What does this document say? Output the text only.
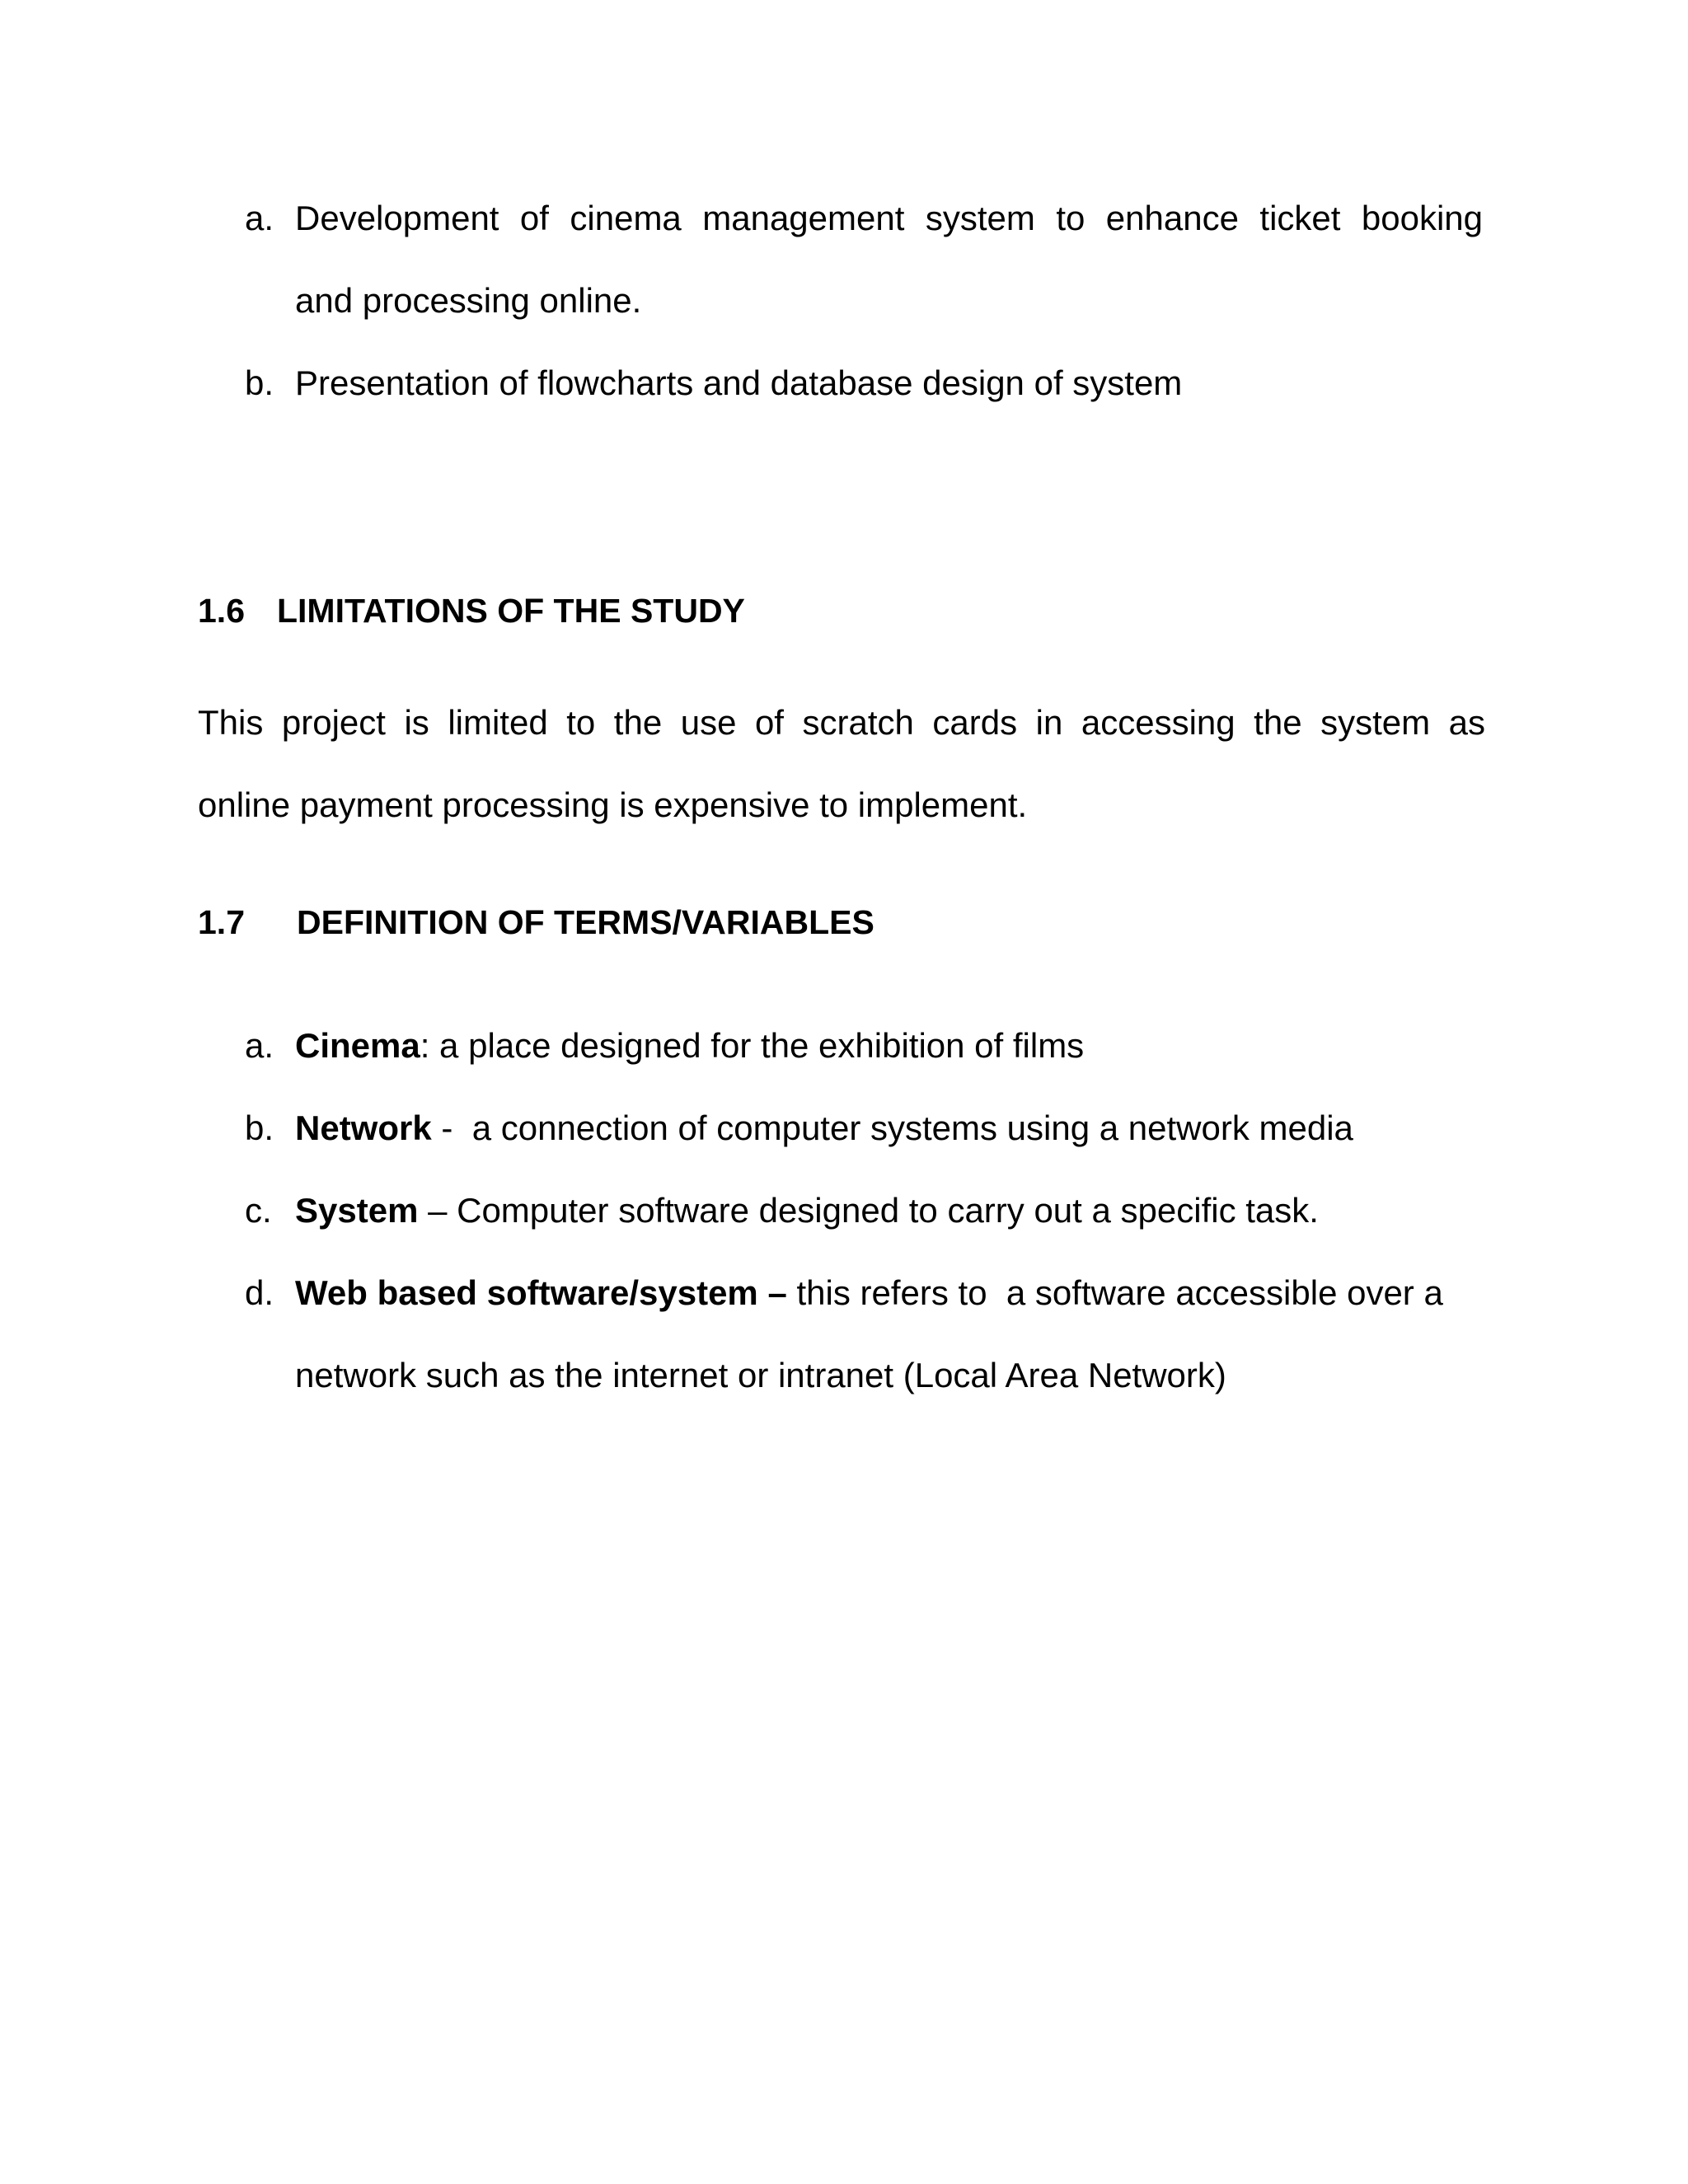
a. Development of cinema management system to enhance ticket booking
and processing online.
b. Presentation of flowcharts and database design of system
1.6 LIMITATIONS OF THE STUDY
This project is limited to the use of scratch cards in accessing the system as
online payment processing is expensive to implement.
1.7 DEFINITION OF TERMS/VARIABLES
a. Cinema: a place designed for the exhibition of films
b. Network -  a connection of computer systems using a network media
c. System – Computer software designed to carry out a specific task.
d. Web based software/system – this refers to  a software accessible over a
network such as the internet or intranet (Local Area Network)
